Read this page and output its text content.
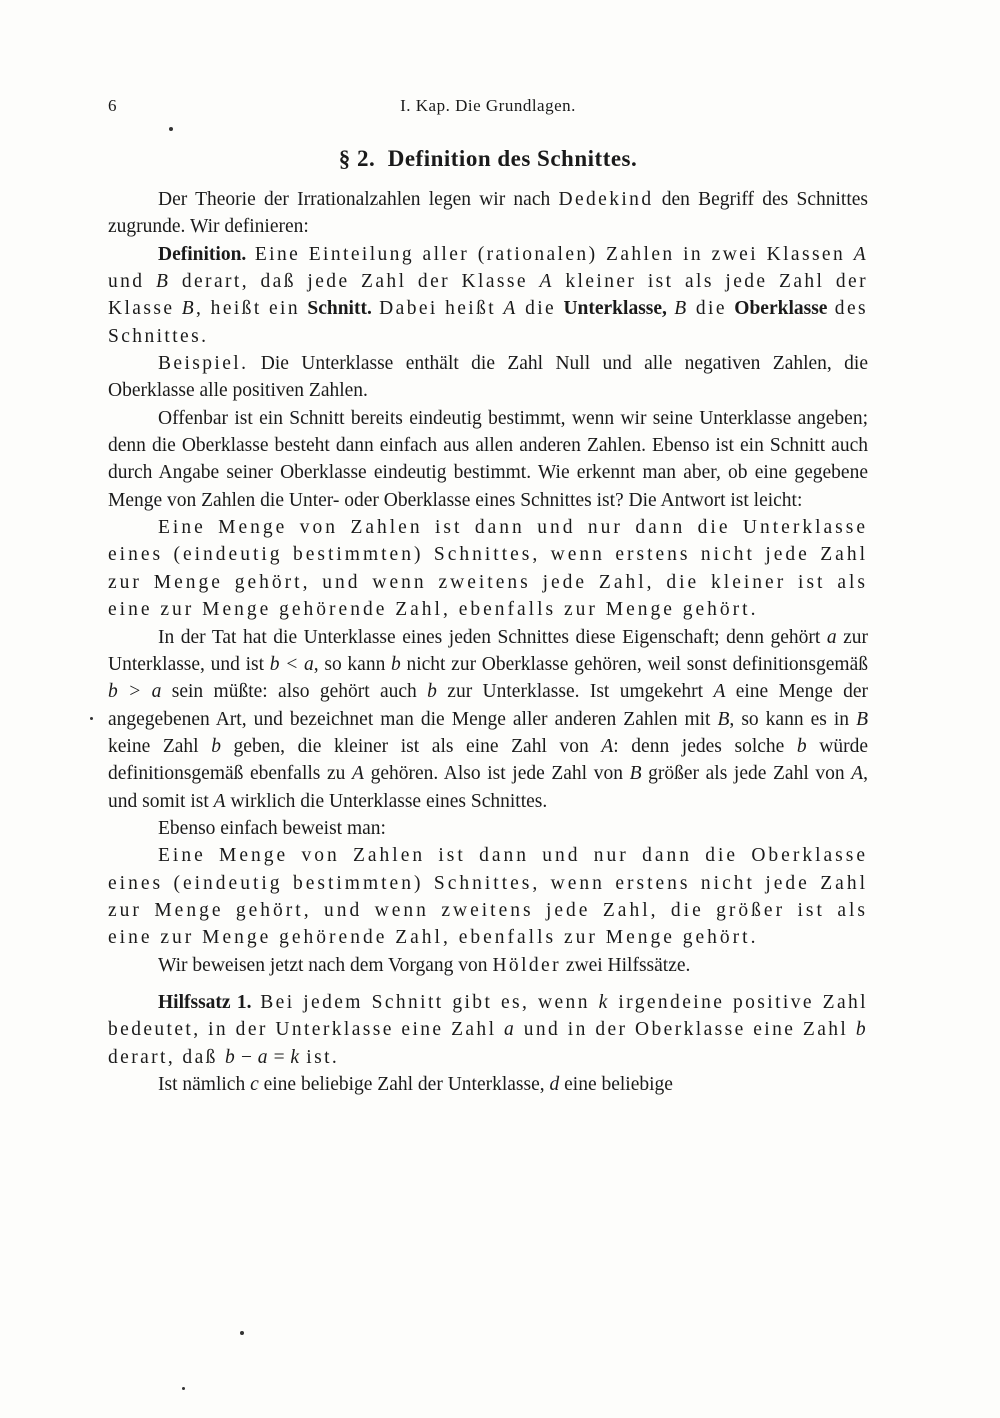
6	I. Kap. Die Grundlagen.
§ 2. Definition des Schnittes.

Der Theorie der Irrationalzahlen legen wir nach Dedekind den Begriff des Schnittes zugrunde. Wir definieren:

Definition. Eine Einteilung aller (rationalen) Zahlen in zwei Klassen A und B derart, daß jede Zahl der Klasse A kleiner ist als jede Zahl der Klasse B, heißt ein Schnitt. Dabei heißt A die Unterklasse, B die Oberklasse des Schnittes.

Beispiel. Die Unterklasse enthält die Zahl Null und alle negativen Zahlen, die Oberklasse alle positiven Zahlen.

Offenbar ist ein Schnitt bereits eindeutig bestimmt, wenn wir seine Unterklasse angeben; denn die Oberklasse besteht dann einfach aus allen anderen Zahlen. Ebenso ist ein Schnitt auch durch Angabe seiner Oberklasse eindeutig bestimmt. Wie erkennt man aber, ob eine gegebene Menge von Zahlen die Unter- oder Oberklasse eines Schnittes ist? Die Antwort ist leicht:

Eine Menge von Zahlen ist dann und nur dann die Unterklasse eines (eindeutig bestimmten) Schnittes, wenn erstens nicht jede Zahl zur Menge gehört, und wenn zweitens jede Zahl, die kleiner ist als eine zur Menge gehörende Zahl, ebenfalls zur Menge gehört.

In der Tat hat die Unterklasse eines jeden Schnittes diese Eigenschaft; denn gehört a zur Unterklasse, und ist b < a, so kann b nicht zur Oberklasse gehören, weil sonst definitionsgemäß b > a sein müßte: also gehört auch b zur Unterklasse. Ist umgekehrt A eine Menge der angegebenen Art, und bezeichnet man die Menge aller anderen Zahlen mit B, so kann es in B keine Zahl b geben, die kleiner ist als eine Zahl von A: denn jedes solche b würde definitionsgemäß ebenfalls zu A gehören. Also ist jede Zahl von B größer als jede Zahl von A, und somit ist A wirklich die Unterklasse eines Schnittes.

Ebenso einfach beweist man:

Eine Menge von Zahlen ist dann und nur dann die Oberklasse eines (eindeutig bestimmten) Schnittes, wenn erstens nicht jede Zahl zur Menge gehört, und wenn zweitens jede Zahl, die größer ist als eine zur Menge gehörende Zahl, ebenfalls zur Menge gehört.

Wir beweisen jetzt nach dem Vorgang von Hölder zwei Hilfssätze.

Hilfssatz 1. Bei jedem Schnitt gibt es, wenn k irgendeine positive Zahl bedeutet, in der Unterklasse eine Zahl a und in der Oberklasse eine Zahl b derart, daß b − a = k ist.

Ist nämlich c eine beliebige Zahl der Unterklasse, d eine beliebige
